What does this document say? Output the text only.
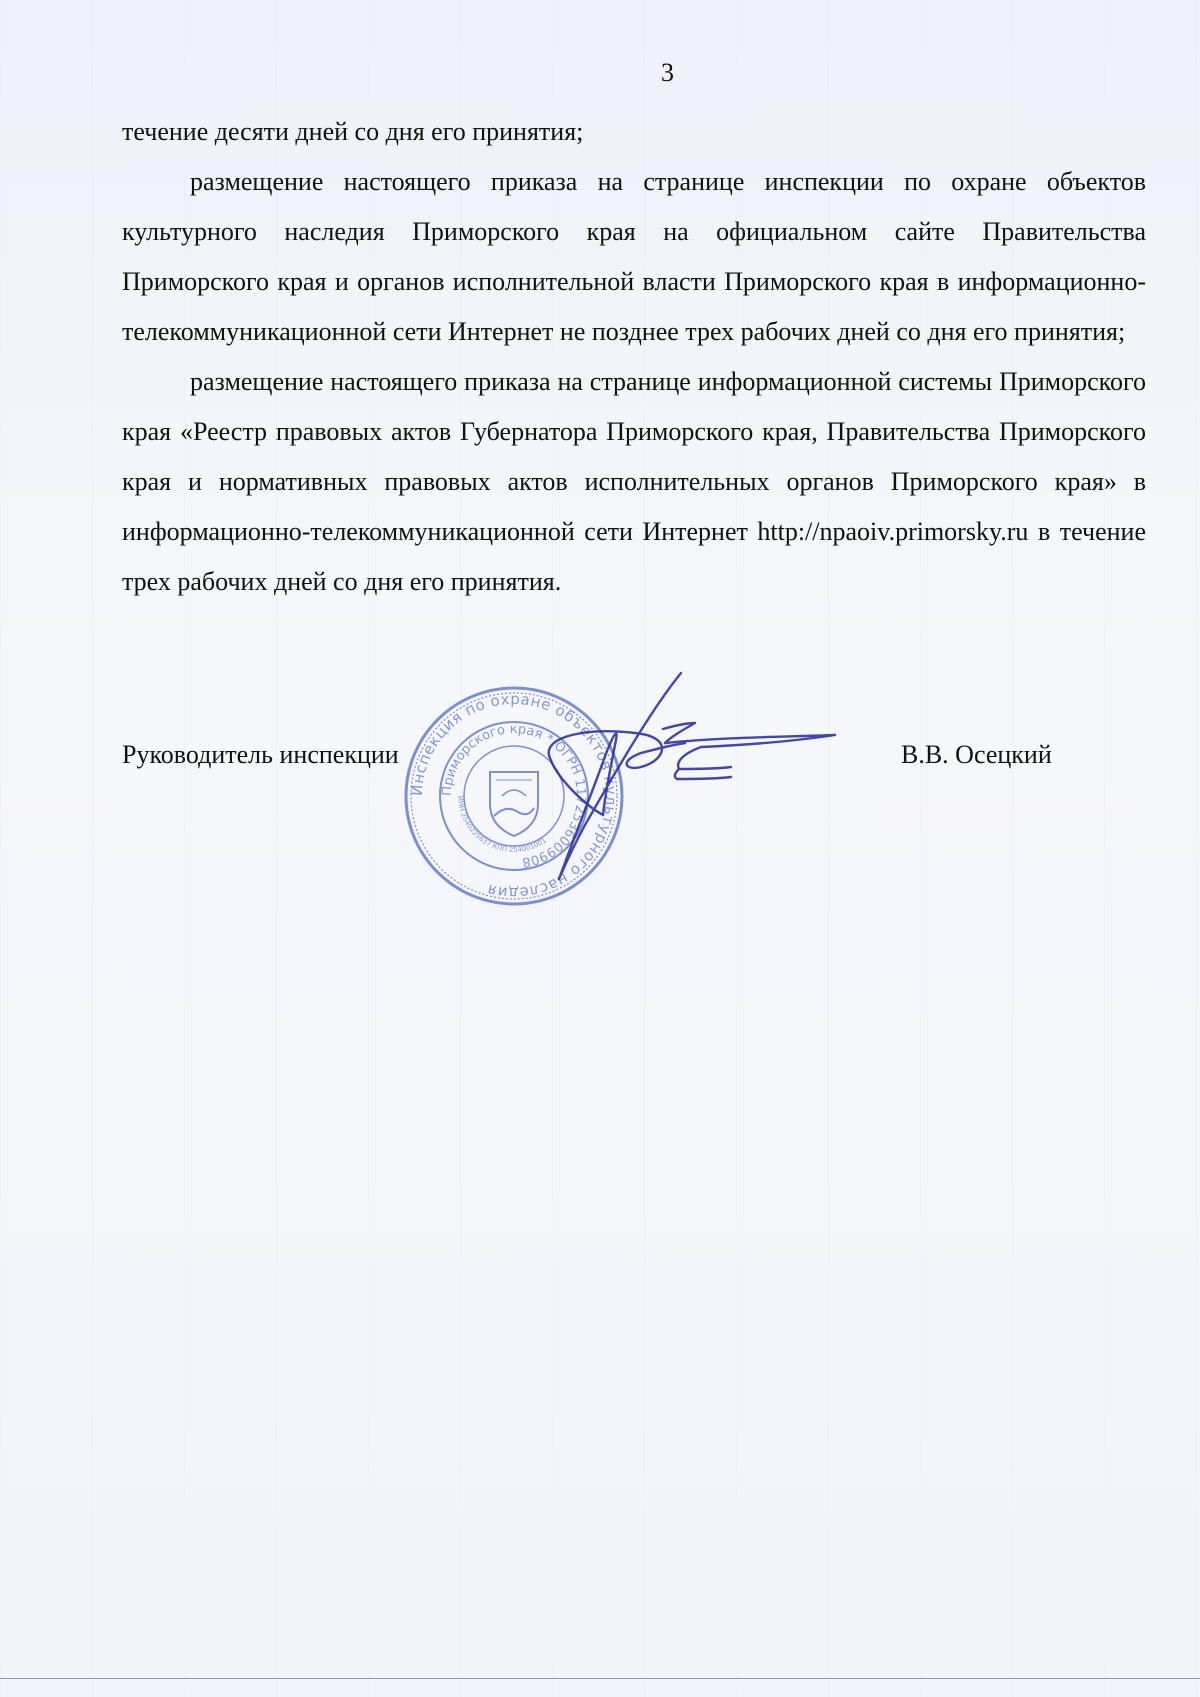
3

течение десяти дней со дня его принятия;

размещение настоящего приказа на странице инспекции по охране объектов культурного наследия Приморского края на официальном сайте Правительства Приморского края и органов исполнительной власти Приморского края в информационно-телекоммуникационной сети Интернет не позднее трех рабочих дней со дня его принятия;

размещение настоящего приказа на странице информационной системы Приморского края «Реестр правовых актов Губернатора Приморского края, Правительства Приморского края и нормативных правовых актов исполнительных органов Приморского края» в информационно-телекоммуникационной сети Интернет http://npaoiv.primorsky.ru в течение трех рабочих дней со дня его принятия.

Инспекция по охране объектов культурного наследия
Приморского края * ОГРН 1172536009908
ИНН 2540225637 КПП 254001001
Руководитель инспекции	В.В. Осецкий
